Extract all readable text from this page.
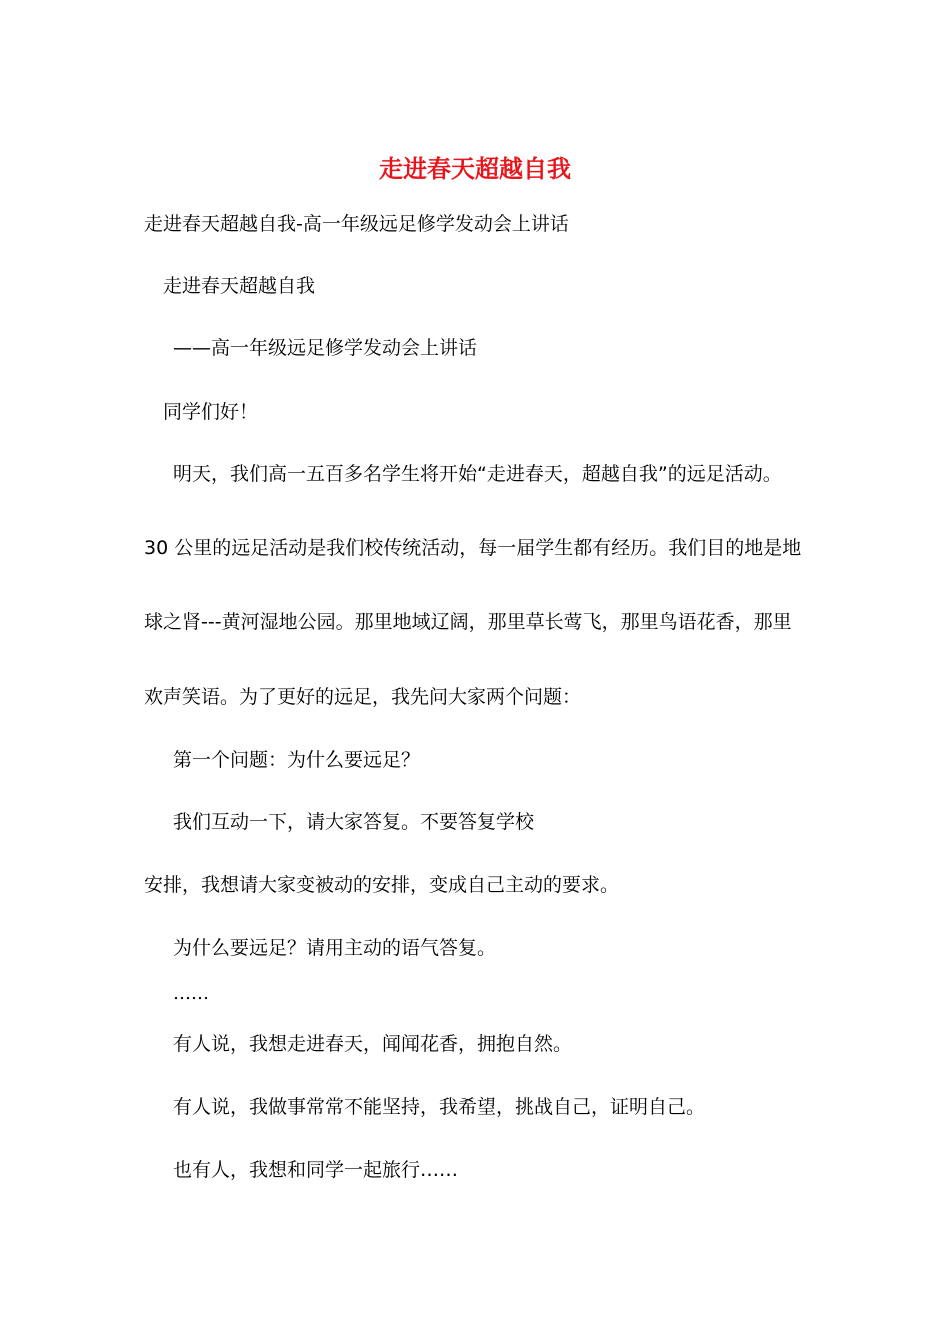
走进春天超越自我
走进春天超越自我-高一年级远足修学发动会上讲话
走进春天超越自我
——高一年级远足修学发动会上讲话
同学们好！
明天，我们高一五百多名学生将开始“走进春天，超越自我”的远足活动。
30 公里的远足活动是我们校传统活动，每一届学生都有经历。我们目的地是地
球之肾---黄河湿地公园。那里地域辽阔，那里草长莺飞，那里鸟语花香，那里
欢声笑语。为了更好的远足，我先问大家两个问题：
第一个问题：为什么要远足？
我们互动一下，请大家答复。不要答复学校
安排，我想请大家变被动的安排，变成自己主动的要求。
为什么要远足？请用主动的语气答复。
……
有人说，我想走进春天，闻闻花香，拥抱自然。
有人说，我做事常常不能坚持，我希望，挑战自己，证明自己。
也有人，我想和同学一起旅行……
